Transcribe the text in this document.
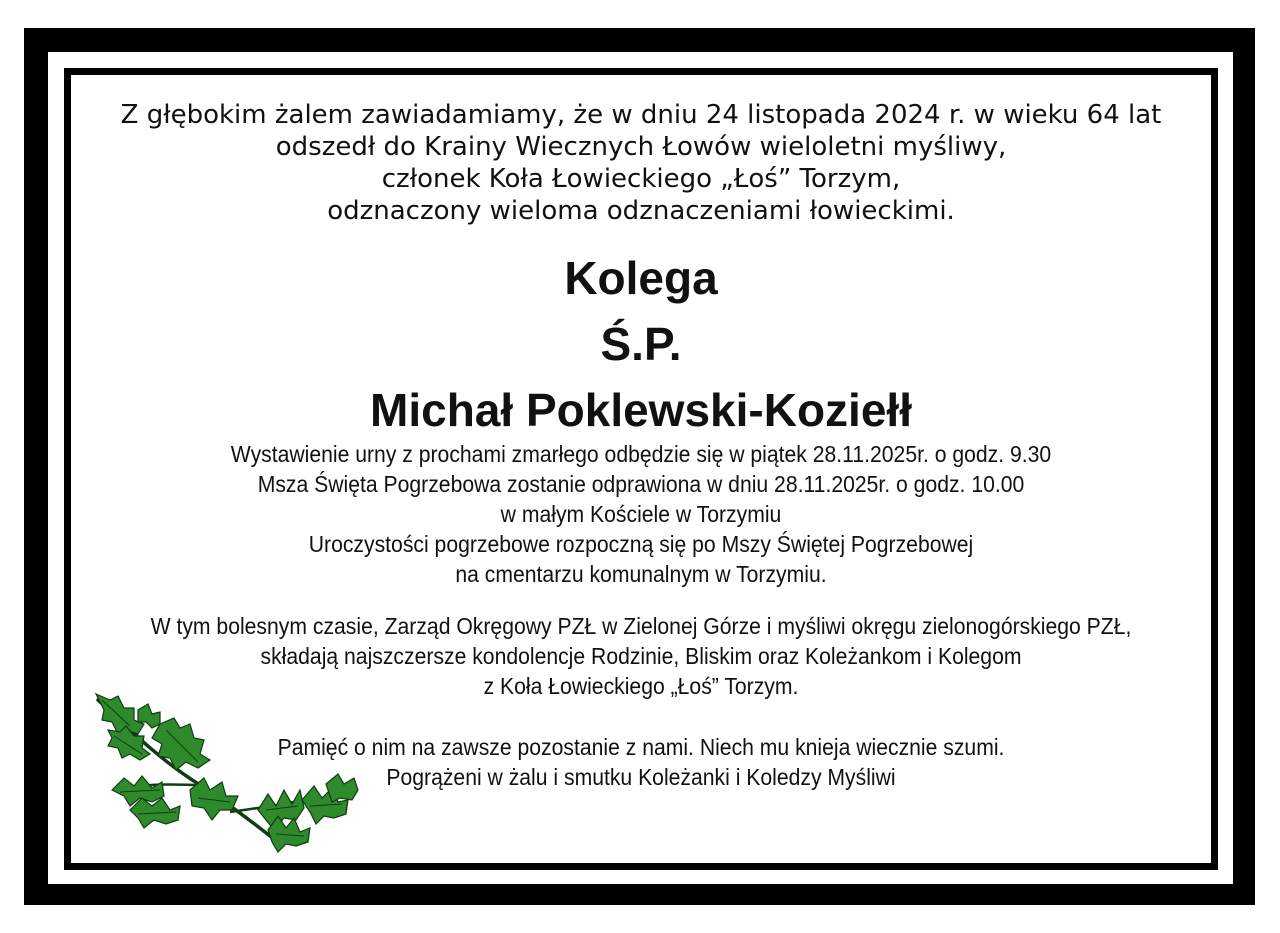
Z głębokim żalem zawiadamiamy, że w dniu 24 listopada 2024 r. w wieku 64 lat
odszedł do Krainy Wiecznych Łowów wieloletni myśliwy,
członek Koła Łowieckiego „Łoś” Torzym,
odznaczony wieloma odznaczeniami łowieckimi.
Kolega
Ś.P.
Michał Poklewski-Koziełł
Wystawienie urny z prochami zmarłego odbędzie się w piątek 28.11.2025r. o godz. 9.30
Msza Święta Pogrzebowa zostanie odprawiona w dniu 28.11.2025r. o godz. 10.00
w małym Kościele w Torzymiu
Uroczystości pogrzebowe rozpoczną się po Mszy Świętej Pogrzebowej
na cmentarzu komunalnym w Torzymiu.
W tym bolesnym czasie, Zarząd Okręgowy PZŁ w Zielonej Górze i myśliwi okręgu zielonogórskiego PZŁ,
składają najszczersze kondolencje Rodzinie, Bliskim oraz Koleżankom i Kolegom
z Koła Łowieckiego „Łoś” Torzym.
Pamięć o nim na zawsze pozostanie z nami. Niech mu knieja wiecznie szumi.
Pogrążeni w żalu i smutku Koleżanki i Koledzy Myśliwi
